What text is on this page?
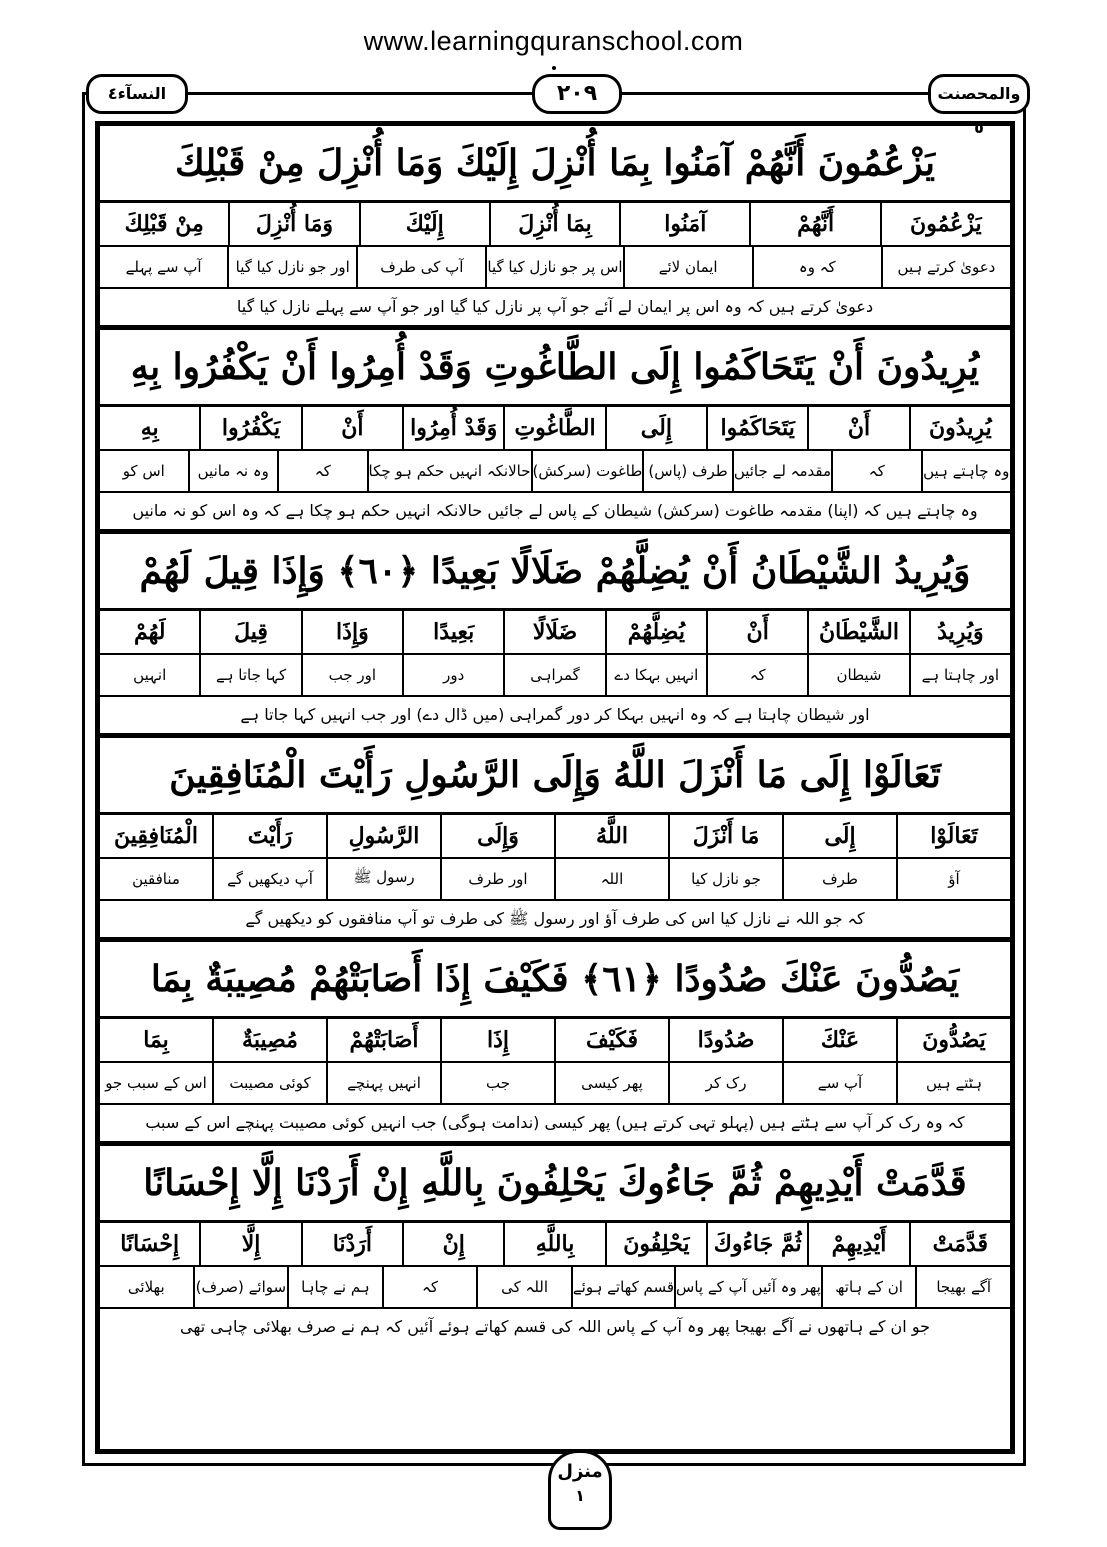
www.learningquranschool.com
النسآء٤	۲۰۹	والمحصنت ٥
يَزْعُمُونَ أَنَّهُمْ آمَنُوا بِمَا أُنْزِلَ إِلَيْكَ وَمَا أُنْزِلَ مِنْ قَبْلِكَ
يَزْعُمُونَ
أَنَّهُمْ
آمَنُوا
بِمَا أُنْزِلَ
إِلَيْكَ
وَمَا أُنْزِلَ
مِنْ قَبْلِكَ
دعویٰ کرتے ہیں
کہ وہ
ایمان لائے
اس پر جو نازل کیا گیا
آپ کی طرف
اور جو نازل کیا گیا
آپ سے پہلے
دعویٰ کرتے ہیں کہ وہ اس پر ایمان لے آئے جو آپ پر نازل کیا گیا اور جو آپ سے پہلے نازل کیا گیا
يُرِيدُونَ أَنْ يَتَحَاكَمُوا إِلَى الطَّاغُوتِ وَقَدْ أُمِرُوا أَنْ يَكْفُرُوا بِهِ
يُرِيدُونَ
أَنْ
يَتَحَاكَمُوا
إِلَى
الطَّاغُوتِ
وَقَدْ أُمِرُوا
أَنْ
يَكْفُرُوا
بِهِ
وہ چاہتے ہیں
کہ
مقدمہ لے جائیں
طرف (پاس)
طاغوت (سرکش)
حالانکہ انہیں حکم ہو چکا
کہ
وہ نہ مانیں
اس کو
وہ چاہتے ہیں کہ (اپنا) مقدمہ طاغوت (سرکش) شیطان کے پاس لے جائیں حالانکہ انہیں حکم ہو چکا ہے کہ وہ اس کو نہ مانیں
وَيُرِيدُ الشَّيْطَانُ أَنْ يُضِلَّهُمْ ضَلَالًا بَعِيدًا ﴿٦٠﴾ وَإِذَا قِيلَ لَهُمْ
وَيُرِيدُ
الشَّيْطَانُ
أَنْ
يُضِلَّهُمْ
ضَلَالًا
بَعِيدًا
وَإِذَا
قِيلَ
لَهُمْ
اور چاہتا ہے
شیطان
کہ
انہیں بہکا دے
گمراہی
دور
اور جب
کہا جاتا ہے
انہیں
اور شیطان چاہتا ہے کہ وہ انہیں بہکا کر دور گمراہی (میں ڈال دے) اور جب انہیں کہا جاتا ہے
تَعَالَوْا إِلَى مَا أَنْزَلَ اللَّهُ وَإِلَى الرَّسُولِ رَأَيْتَ الْمُنَافِقِينَ
تَعَالَوْا
إِلَى
مَا أَنْزَلَ
اللَّهُ
وَإِلَى
الرَّسُولِ
رَأَيْتَ
الْمُنَافِقِينَ
آؤ
طرف
جو نازل کیا
اللہ
اور طرف
رسول ﷺ
آپ دیکھیں گے
منافقین
کہ جو اللہ نے نازل کیا اس کی طرف آؤ اور رسول ﷺ کی طرف تو آپ منافقوں کو دیکھیں گے
يَصُدُّونَ عَنْكَ صُدُودًا ﴿٦١﴾ فَكَيْفَ إِذَا أَصَابَتْهُمْ مُصِيبَةٌ بِمَا
يَصُدُّونَ
عَنْكَ
صُدُودًا
فَكَيْفَ
إِذَا
أَصَابَتْهُمْ
مُصِيبَةٌ
بِمَا
ہٹتے ہیں
آپ سے
رک کر
پھر کیسی
جب
انہیں پہنچے
کوئی مصیبت
اس کے سبب جو
کہ وہ رک کر آپ سے ہٹتے ہیں (پہلو تہی کرتے ہیں) پھر کیسی (ندامت ہوگی) جب انہیں کوئی مصیبت پہنچے اس کے سبب
قَدَّمَتْ أَيْدِيهِمْ ثُمَّ جَاءُوكَ يَحْلِفُونَ بِاللَّهِ إِنْ أَرَدْنَا إِلَّا إِحْسَانًا
قَدَّمَتْ
أَيْدِيهِمْ
ثُمَّ جَاءُوكَ
يَحْلِفُونَ
بِاللَّهِ
إِنْ
أَرَدْنَا
إِلَّا
إِحْسَانًا
آگے بھیجا
ان کے ہاتھ
پھر وہ آئیں آپ کے پاس
قسم کھاتے ہوئے
اللہ کی
کہ
ہم نے چاہا
سوائے (صرف)
بھلائی
جو ان کے ہاتھوں نے آگے بھیجا پھر وہ آپ کے پاس اللہ کی قسم کھاتے ہوئے آئیں کہ ہم نے صرف بھلائی چاہی تھی
منزل
۱
